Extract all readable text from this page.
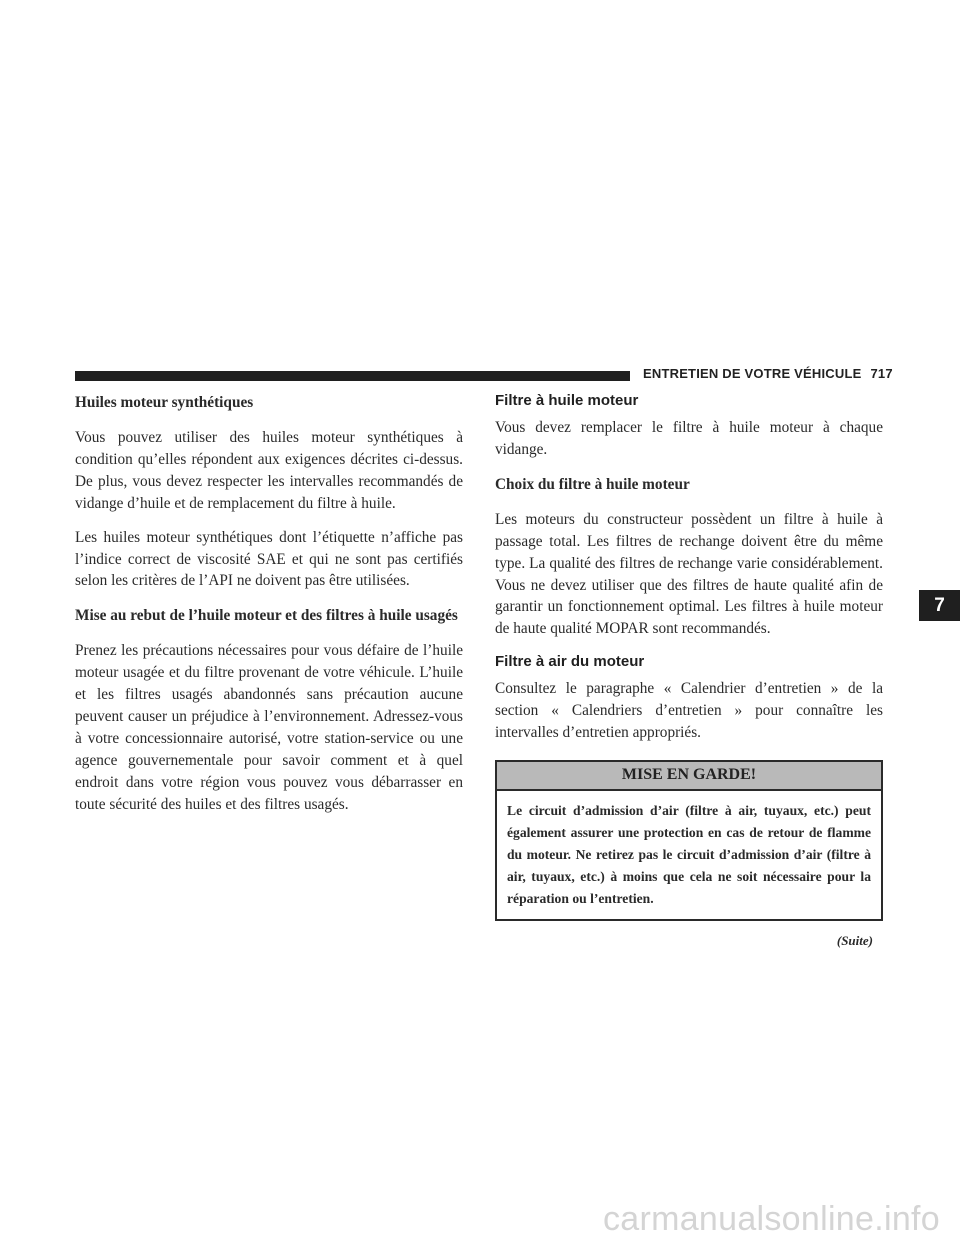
ENTRETIEN DE VOTRE VÉHICULE 717
Huiles moteur synthétiques

Vous pouvez utiliser des huiles moteur synthétiques à condition qu’elles répondent aux exigences décrites ci-dessus. De plus, vous devez respecter les intervalles recommandés de vidange d’huile et de remplacement du filtre à huile.

Les huiles moteur synthétiques dont l’étiquette n’affiche pas l’indice correct de viscosité SAE et qui ne sont pas certifiés selon les critères de l’API ne doivent pas être utilisées.

Mise au rebut de l’huile moteur et des filtres à huile usagés

Prenez les précautions nécessaires pour vous défaire de l’huile moteur usagée et du filtre provenant de votre véhicule. L’huile et les filtres usagés abandonnés sans précaution aucune peuvent causer un préjudice à l’environnement. Adressez-vous à votre concessionnaire autorisé, votre station-service ou une agence gouvernementale pour savoir comment et à quel endroit dans votre région vous pouvez vous débarrasser en toute sécurité des huiles et des filtres usagés.

Filtre à huile moteur

Vous devez remplacer le filtre à huile moteur à chaque vidange.

Choix du filtre à huile moteur

Les moteurs du constructeur possèdent un filtre à huile à passage total. Les filtres de rechange doivent être du même type. La qualité des filtres de rechange varie considérablement. Vous ne devez utiliser que des filtres de haute qualité afin de garantir un fonctionnement optimal. Les filtres à huile moteur de haute qualité MOPAR sont recommandés.

Filtre à air du moteur

Consultez le paragraphe « Calendrier d’entretien » de la section « Calendriers d’entretien » pour connaître les intervalles d’entretien appropriés.

MISE EN GARDE!
Le circuit d’admission d’air (filtre à air, tuyaux, etc.) peut également assurer une protection en cas de retour de flamme du moteur. Ne retirez pas le circuit d’admission d’air (filtre à air, tuyaux, etc.) à moins que cela ne soit nécessaire pour la réparation ou l’entretien.
(Suite)
7
carmanualsonline.info
